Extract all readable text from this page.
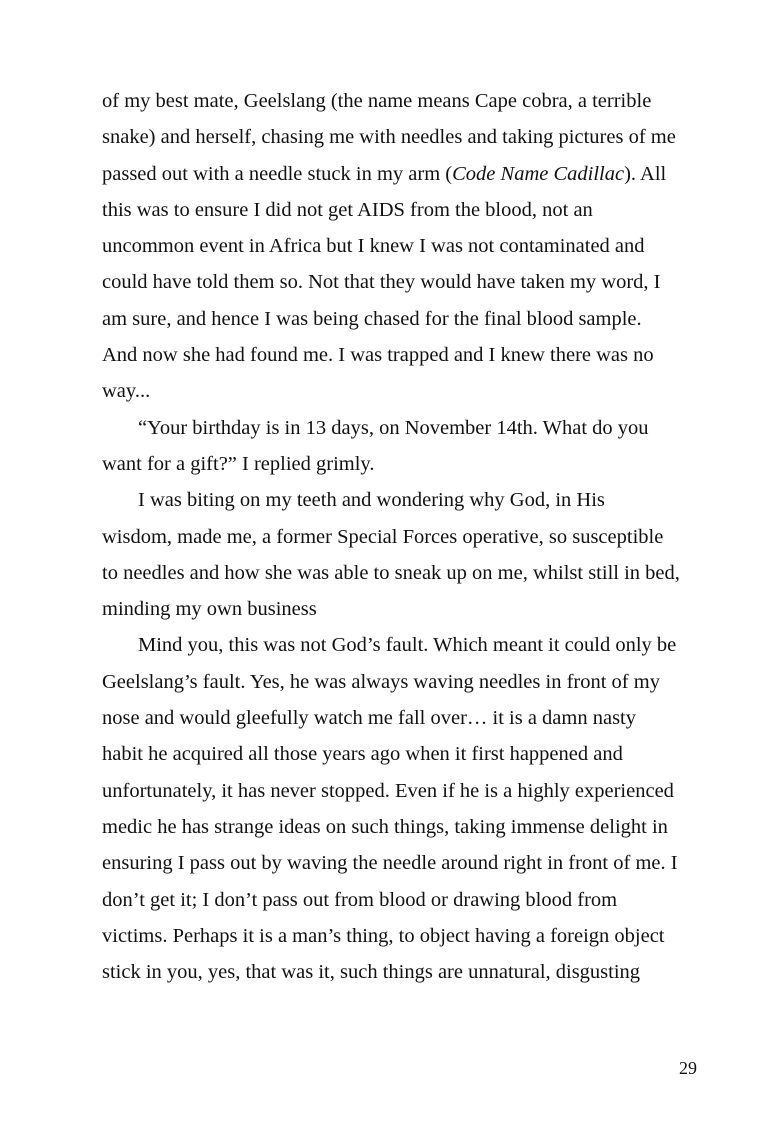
of my best mate, Geelslang (the name means Cape cobra, a terrible
snake) and herself, chasing me with needles and taking pictures of me
passed out with a needle stuck in my arm (Code Name Cadillac). All
this was to ensure I did not get AIDS from the blood, not an
uncommon event in Africa but I knew I was not contaminated and
could have told them so. Not that they would have taken my word, I
am sure, and hence I was being chased for the final blood sample.
And now she had found me. I was trapped and I knew there was no
way...
“Your birthday is in 13 days, on November 14th. What do you
want for a gift?” I replied grimly.
I was biting on my teeth and wondering why God, in His
wisdom, made me, a former Special Forces operative, so susceptible
to needles and how she was able to sneak up on me, whilst still in bed,
minding my own business
Mind you, this was not God’s fault. Which meant it could only be
Geelslang’s fault. Yes, he was always waving needles in front of my
nose and would gleefully watch me fall over… it is a damn nasty
habit he acquired all those years ago when it first happened and
unfortunately, it has never stopped. Even if he is a highly experienced
medic he has strange ideas on such things, taking immense delight in
ensuring I pass out by waving the needle around right in front of me. I
don’t get it; I don’t pass out from blood or drawing blood from
victims. Perhaps it is a man’s thing, to object having a foreign object
stick in you, yes, that was it, such things are unnatural, disgusting
29
